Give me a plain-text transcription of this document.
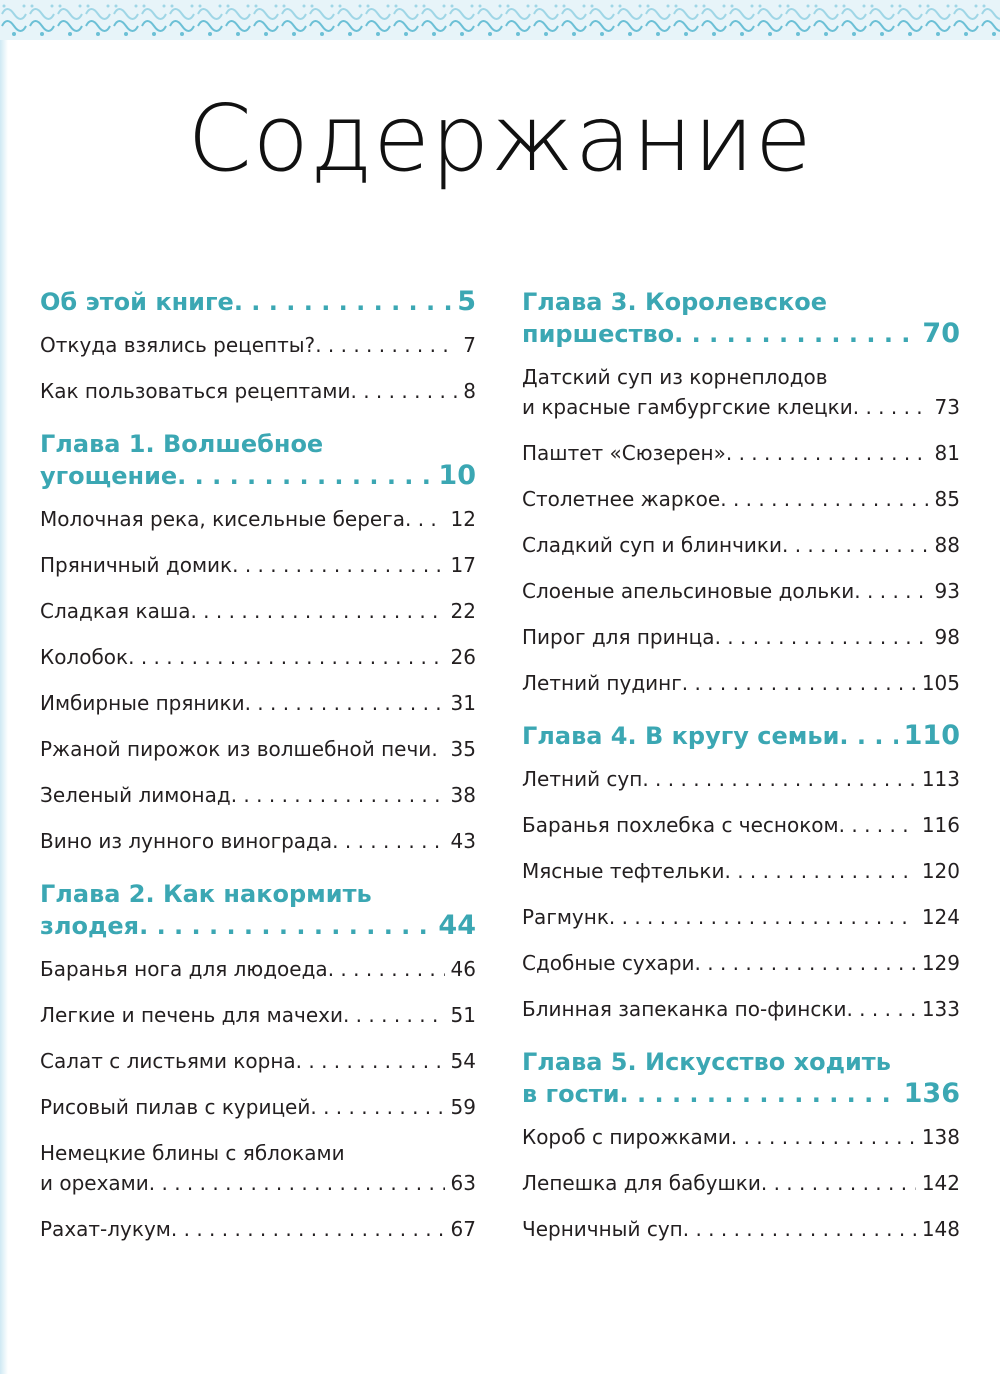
Содержание
Об этой книге . . .	5
Откуда взялись рецепты? . . .	7
Как пользоваться рецептами . . .	8
Глава 1. Волшебное
угощение . . .	10
Молочная река, кисельные берега . . .	12
Пряничный домик . . .	17
Сладкая каша . . .	22
Колобок . . .	26
Имбирные пряники . . .	31
Ржаной пирожок из волшебной печи . . . 35
Зеленый лимонад . . .	38
Вино из лунного винограда . . .	43
Глава 2. Как накормить
злодея . . .	44
Баранья нога для людоеда . . .	46
Легкие и печень для мачехи . . .	51
Салат с листьями корна . . .	54
Рисовый пилав с курицей . . .	59
Немецкие блины с яблоками
и орехами . . .	63
Рахат-лукум . . .	67
Глава 3. Королевское
пиршество . . .	70
Датский суп из корнеплодов
и красные гамбургские клецки . . .	73
Паштет «Сюзерен» . . .	81
Столетнее жаркое . . .	85
Сладкий суп и блинчики . . .	88
Слоеные апельсиновые дольки . . .	93
Пирог для принца . . .	98
Летний пудинг . . .	105
Глава 4. В кругу семьи . . . 110
Летний суп . . .	113
Баранья похлебка с чесноком . . .	116
Мясные тефтельки . . .	120
Рагмунк . . .	124
Сдобные сухари . . .	129
Блинная запеканка по-фински . . .	133
Глава 5. Искусство ходить
в гости . . .	136
Короб с пирожками . . .	138
Лепешка для бабушки . . .	142
Черничный суп . . .	148
